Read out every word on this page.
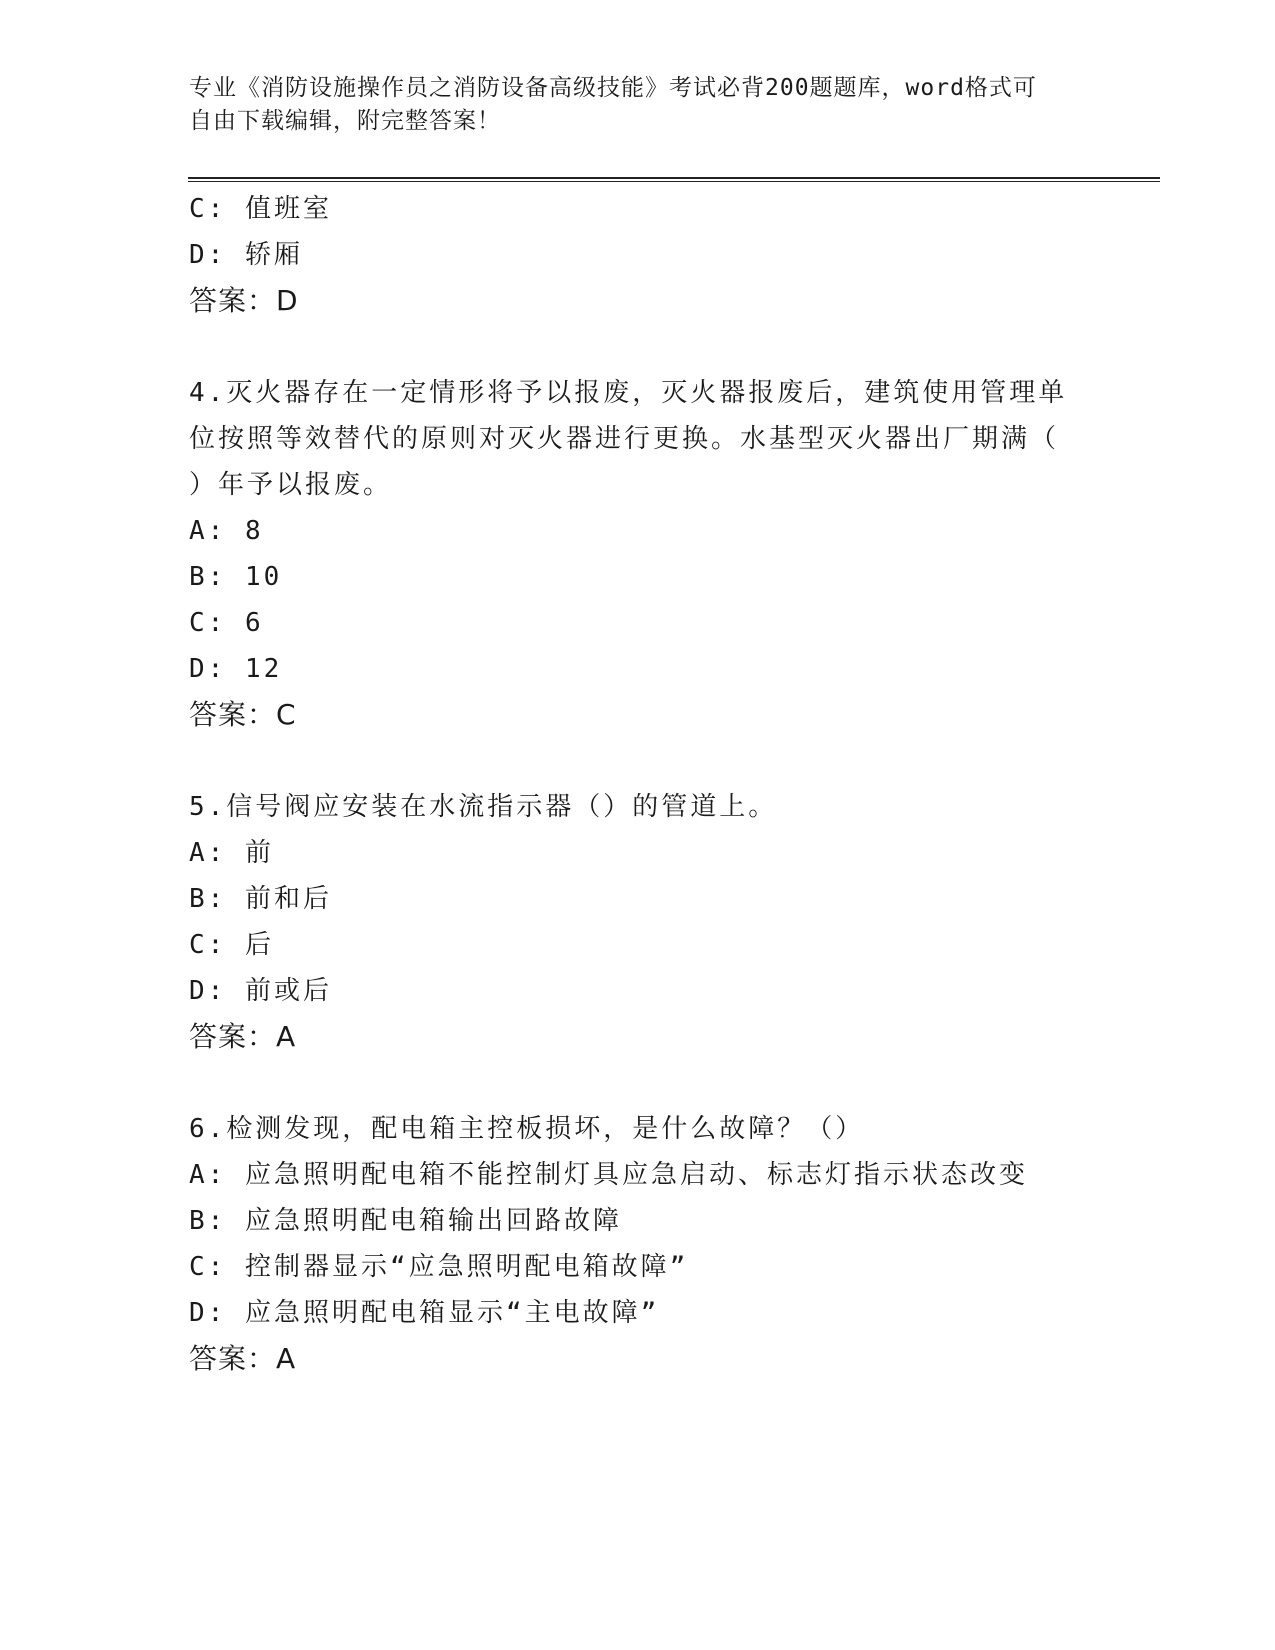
专业《消防设施操作员之消防设备高级技能》考试必背200题题库，word格式可
自由下载编辑，附完整答案！
C: 值班室
D: 轿厢
答案：D
4.灭火器存在一定情形将予以报废，灭火器报废后，建筑使用管理单
位按照等效替代的原则对灭火器进行更换。水基型灭火器出厂期满（
）年予以报废。
A: 8
B: 10
C: 6
D: 12
答案：C
5.信号阀应安装在水流指示器（）的管道上。
A: 前
B: 前和后
C: 后
D: 前或后
答案：A
6.检测发现，配电箱主控板损坏，是什么故障？（）
A: 应急照明配电箱不能控制灯具应急启动、标志灯指示状态改变
B: 应急照明配电箱输出回路故障
C: 控制器显示“应急照明配电箱故障”
D: 应急照明配电箱显示“主电故障”
答案：A
